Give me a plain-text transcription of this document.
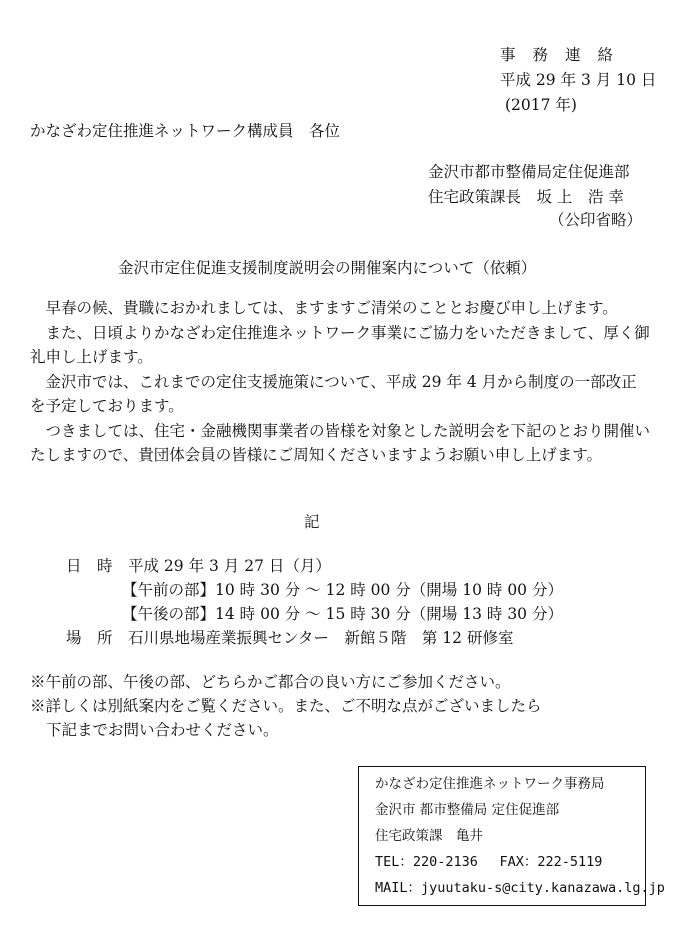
事務連絡
平成 29 年 3 月 10 日
(2017 年)
かなざわ定住推進ネットワーク構成員　各位
金沢市都市整備局定住促進部
住宅政策課長　坂 上　浩 幸
（公印省略）
金沢市定住促進支援制度説明会の開催案内について（依頼）

早春の候、貴職におかれましては、ますますご清栄のこととお慶び申し上げます。

また、日頃よりかなざわ定住推進ネットワーク事業にご協力をいただきまして、厚く御礼申し上げます。

金沢市では、これまでの定住支援施策について、平成 29 年 4 月から制度の一部改正を予定しております。

つきましては、住宅・金融機関事業者の皆様を対象とした説明会を下記のとおり開催いたしますので、貴団体会員の皆様にご周知くださいますようお願い申し上げます。

記
日　時 平成 29 年 3 月 27 日（月）
【午前の部】10 時 30 分 ～ 12 時 00 分（開場 10 時 00 分）
【午後の部】14 時 00 分 ～ 15 時 30 分（開場 13 時 30 分）
場　所 石川県地場産業振興センター　新館５階　第 12 研修室
※午前の部、午後の部、どちらかご都合の良い方にご参加ください。
※詳しくは別紙案内をご覧ください。また、ご不明な点がございましたら
下記までお問い合わせください。
かなざわ定住推進ネットワーク事務局
金沢市 都市整備局 定住促進部
住宅政策課　亀井
TEL：220-2136　 FAX：222-5119
MAIL：jyuutaku-s@city.kanazawa.lg.jp
